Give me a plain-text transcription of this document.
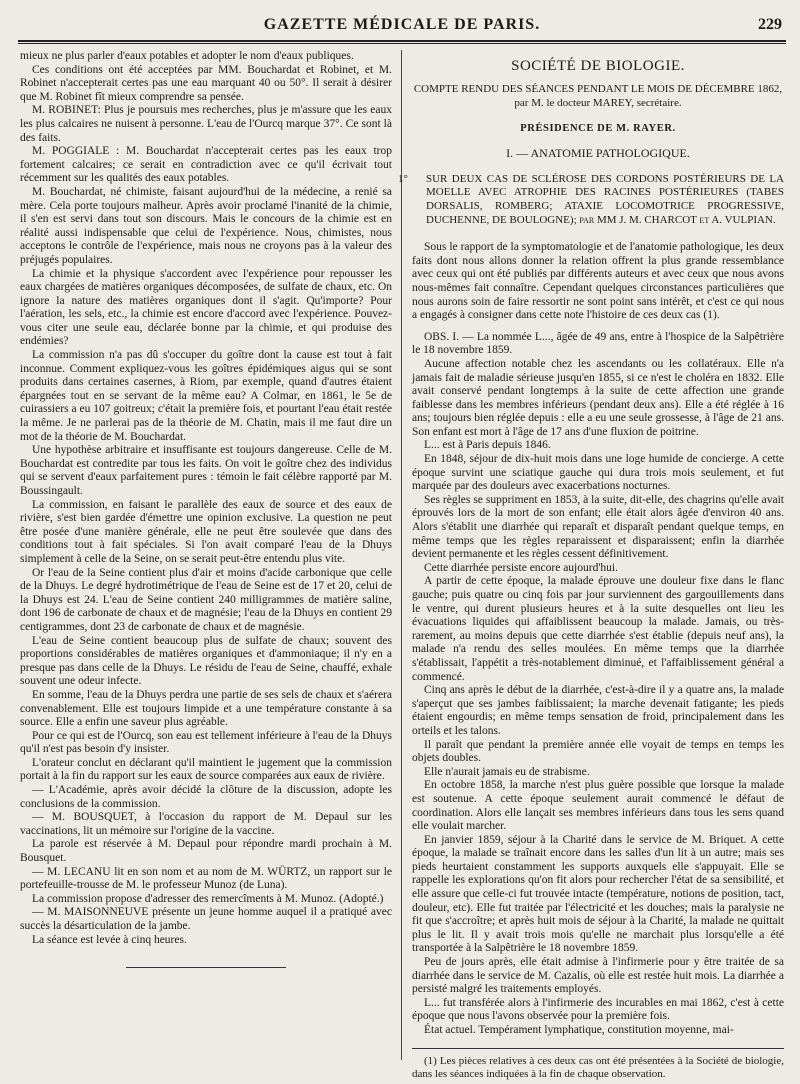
GAZETTE MÉDICALE DE PARIS.	229

mieux ne plus parler d'eaux potables et adopter le nom d'eaux publiques.

Ces conditions ont été acceptées par MM. Bouchardat et Robinet, et M. Robinet n'accepterait certes pas une eau marquant 40 ou 50°. Il serait à désirer que M. Robinet fît mieux comprendre sa pensée.

M. ROBINET: Plus je poursuis mes recherches, plus je m'assure que les eaux les plus calcaires ne nuisent à personne. L'eau de l'Ourcq marque 37°. Ce sont là des faits.

M. POGGIALE : M. Bouchardat n'accepterait certes pas les eaux trop fortement calcaires; ce serait en contradiction avec ce qu'il écrivait tout récemment sur les qualités des eaux potables.

M. Bouchardat, né chimiste, faisant aujourd'hui de la médecine, a renié sa mère. Cela porte toujours malheur. Après avoir proclamé l'inanité de la chimie, il s'en est servi dans tout son discours. Mais le concours de la chimie est en réalité aussi indispensable que celui de l'expérience. Nous, chimistes, nous acceptons le contrôle de l'expérience, mais nous ne croyons pas à la valeur des préjugés populaires.

La chimie et la physique s'accordent avec l'expérience pour repousser les eaux chargées de matières organiques décomposées, de sulfate de chaux, etc. On ignore la nature des matières organiques dont il s'agit. Qu'importe? Pour l'aération, les sels, etc., la chimie est encore d'accord avec l'expérience. Pouvez-vous citer une seule eau, déclarée bonne par la chimie, et qui produise des endémies?

La commission n'a pas dû s'occuper du goître dont la cause est tout à fait inconnue. Comment expliquez-vous les goîtres épidémiques aigus qui se sont produits dans certaines casernes, à Riom, par exemple, quand d'autres étaient épargnées tout en se servant de la même eau? A Colmar, en 1861, le 5e de cuirassiers a eu 107 goitreux; c'était la première fois, et pourtant l'eau était restée la même. Je ne parlerai pas de la théorie de M. Chatin, mais il me faut dire un mot de la théorie de M. Bouchardat.

Une hypothèse arbitraire et insuffisante est toujours dangereuse. Celle de M. Bouchardat est contredite par tous les faits. On voit le goître chez des individus qui se servent d'eaux parfaitement pures : témoin le fait célèbre rapporté par M. Boussingault.

La commission, en faisant le parallèle des eaux de source et des eaux de rivière, s'est bien gardée d'émettre une opinion exclusive. La question ne peut être posée d'une manière générale, elle ne peut être soulevée que dans des conditions tout à fait spéciales. Si l'on avait comparé l'eau de la Dhuys simplement à celle de la Seine, on se serait peut-être entendu plus vite.

Or l'eau de la Seine contient plus d'air et moins d'acide carbonique que celle de la Dhuys. Le degré hydrotimétrique de l'eau de Seine est de 17 et 20, celui de la Dhuys est 24. L'eau de Seine contient 240 milligrammes de matière saline, dont 196 de carbonate de chaux et de magnésie; l'eau de la Dhuys en contient 29 centigrammes, dont 23 de carbonate de chaux et de magnésie.

L'eau de Seine contient beaucoup plus de sulfate de chaux; souvent des proportions considérables de matières organiques et d'ammoniaque; il n'y en a presque pas dans celle de la Dhuys. Le résidu de l'eau de Seine, chauffé, exhale souvent une odeur infecte.

En somme, l'eau de la Dhuys perdra une partie de ses sels de chaux et s'aérera convenablement. Elle est toujours limpide et a une température constante à sa source. Elle a enfin une saveur plus agréable.

Pour ce qui est de l'Ourcq, son eau est tellement inférieure à l'eau de la Dhuys qu'il n'est pas besoin d'y insister.

L'orateur conclut en déclarant qu'il maintient le jugement que la commission portait à la fin du rapport sur les eaux de source comparées aux eaux de rivière.

— L'Académie, après avoir décidé la clôture de la discussion, adopte les conclusions de la commission.

— M. BOUSQUET, à l'occasion du rapport de M. Depaul sur les vaccinations, lit un mémoire sur l'origine de la vaccine.

La parole est réservée à M. Depaul pour répondre mardi prochain à M. Bousquet.

— M. LECANU lit en son nom et au nom de M. WÜRTZ, un rapport sur le portefeuille-trousse de M. le professeur Munoz (de Luna).

La commission propose d'adresser des remercîments à M. Munoz. (Adopté.)

— M. MAISONNEUVE présente un jeune homme auquel il a pratiqué avec succès la désarticulation de la jambe.

La séance est levée à cinq heures.

SOCIÉTÉ DE BIOLOGIE.
COMPTE RENDU DES SÉANCES PENDANT LE MOIS DE DÉCEMBRE 1862,
par M. le docteur MAREY, secrétaire.
PRÉSIDENCE DE M. RAYER.
I. — ANATOMIE PATHOLOGIQUE.
1° SUR DEUX CAS DE SCLÉROSE DES CORDONS POSTÉRIEURS DE LA MOELLE AVEC ATROPHIE DES RACINES POSTÉRIEURES (TABES DORSALIS, ROMBERG; ATAXIE LOCOMOTRICE PROGRESSIVE, DUCHENNE, DE BOULOGNE); par MM J. M. CHARCOT et A. VULPIAN.

Sous le rapport de la symptomatologie et de l'anatomie pathologique, les deux faits dont nous allons donner la relation offrent la plus grande ressemblance avec ceux qui ont été publiés par différents auteurs et avec ceux que nous avons nous-mêmes fait connaître. Cependant quelques circonstances particulières que nous aurons soin de faire ressortir ne sont point sans intérêt, et c'est ce qui nous a engagés à consigner dans cette note l'histoire de ces deux cas (1).

OBS. I. — La nommée L..., âgée de 49 ans, entre à l'hospice de la Salpêtrière le 18 novembre 1859.

Aucune affection notable chez les ascendants ou les collatéraux. Elle n'a jamais fait de maladie sérieuse jusqu'en 1855, si ce n'est le choléra en 1832. Elle avait conservé pendant longtemps à la suite de cette affection une grande faiblesse dans les membres inférieurs (pendant deux ans). Elle a été réglée à 16 ans; toujours bien réglée depuis : elle a eu une seule grossesse, à l'âge de 21 ans. Son enfant est mort à l'âge de 17 ans d'une fluxion de poitrine.

L... est à Paris depuis 1846.

En 1848, séjour de dix-huit mois dans une loge humide de concierge. A cette époque survint une sciatique gauche qui dura trois mois seulement, et fut marquée par des douleurs avec exacerbations nocturnes.

Ses règles se suppriment en 1853, à la suite, dit-elle, des chagrins qu'elle avait éprouvés lors de la mort de son enfant; elle était alors âgée d'environ 40 ans. Alors s'établit une diarrhée qui reparaît et disparaît pendant quelque temps, en même temps que les règles reparaissent et disparaissent; enfin la diarrhée devient permanente et les règles cessent définitivement.

Cette diarrhée persiste encore aujourd'hui.

A partir de cette époque, la malade éprouve une douleur fixe dans le flanc gauche; puis quatre ou cinq fois par jour surviennent des gargouillements dans le ventre, qui durent plusieurs heures et à la suite desquelles ont lieu les évacuations liquides qui affaiblissent beaucoup la malade. Jamais, ou très-rarement, au moins depuis que cette diarrhée s'est établie (depuis neuf ans), la malade n'a rendu des selles moulées. En même temps que la diarrhée s'établissait, l'appétit a très-notablement diminué, et l'affaiblissement général a commencé.

Cinq ans après le début de la diarrhée, c'est-à-dire il y a quatre ans, la malade s'aperçut que ses jambes faiblissaient; la marche devenait fatigante; les pieds étaient engourdis; en même temps sensation de froid, principalement dans les orteils et les talons.

Il paraît que pendant la première année elle voyait de temps en temps les objets doubles.

Elle n'aurait jamais eu de strabisme.

En octobre 1858, la marche n'est plus guère possible que lorsque la malade est soutenue. A cette époque seulement aurait commencé le défaut de coordination. Alors elle lançait ses membres inférieurs dans tous les sens quand elle voulait marcher.

En janvier 1859, séjour à la Charité dans le service de M. Briquet. A cette époque, la malade se traînait encore dans les salles d'un lit à un autre; mais ses pieds heurtaient constamment les supports auxquels elle s'appuyait. Elle se rappelle les explorations qu'on fit alors pour rechercher l'état de sa sensibilité, et elle assure que celle-ci fut trouvée intacte (température, notions de position, tact, douleur, etc). Elle fut traitée par l'électricité et les douches; mais la paralysie ne fit que s'accroître; et après huit mois de séjour à la Charité, la malade ne quittait plus le lit. Il y avait trois mois qu'elle ne marchait plus lorsqu'elle a été transportée à la Salpêtrière le 18 novembre 1859.

Peu de jours après, elle était admise à l'infirmerie pour y être traitée de sa diarrhée dans le service de M. Cazalis, où elle est restée huit mois. La diarrhée a persisté malgré les traitements employés.

L... fut transférée alors à l'infirmerie des incurables en mai 1862, c'est à cette époque que nous l'avons observée pour la première fois.

État actuel. Tempérament lymphatique, constitution moyenne, mai-

(1) Les pièces relatives à ces deux cas ont été présentées à la Société de biologie, dans les séances indiquées à la fin de chaque observation.
